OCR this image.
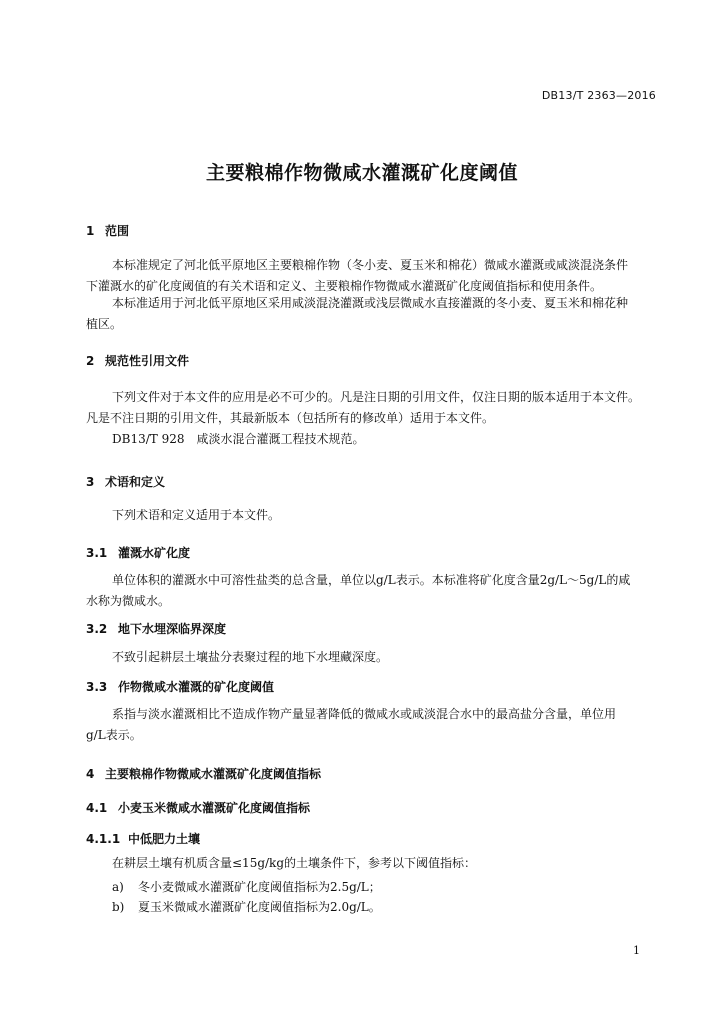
DB13/T 2363—2016
主要粮棉作物微咸水灌溉矿化度阈值
1 范围
本标准规定了河北低平原地区主要粮棉作物（冬小麦、夏玉米和棉花）微咸水灌溉或咸淡混浇条件
下灌溉水的矿化度阈值的有关术语和定义、主要粮棉作物微咸水灌溉矿化度阈值指标和使用条件。
本标准适用于河北低平原地区采用咸淡混浇灌溉或浅层微咸水直接灌溉的冬小麦、夏玉米和棉花种
植区。
2 规范性引用文件
下列文件对于本文件的应用是必不可少的。凡是注日期的引用文件，仅注日期的版本适用于本文件。
凡是不注日期的引用文件，其最新版本（包括所有的修改单）适用于本文件。
DB13/T 928　咸淡水混合灌溉工程技术规范。
3 术语和定义
下列术语和定义适用于本文件。
3.1 灌溉水矿化度
单位体积的灌溉水中可溶性盐类的总含量，单位以g/L表示。本标准将矿化度含量2g/L～5g/L的咸
水称为微咸水。
3.2 地下水埋深临界深度
不致引起耕层土壤盐分表聚过程的地下水埋藏深度。
3.3 作物微咸水灌溉的矿化度阈值
系指与淡水灌溉相比不造成作物产量显著降低的微咸水或咸淡混合水中的最高盐分含量，单位用
g/L表示。
4 主要粮棉作物微咸水灌溉矿化度阈值指标
4.1 小麦玉米微咸水灌溉矿化度阈值指标
4.1.1 中低肥力土壤
在耕层土壤有机质含量≤15g/kg的土壤条件下，参考以下阈值指标：
a) 冬小麦微咸水灌溉矿化度阈值指标为2.5g/L；
b) 夏玉米微咸水灌溉矿化度阈值指标为2.0g/L。
1
